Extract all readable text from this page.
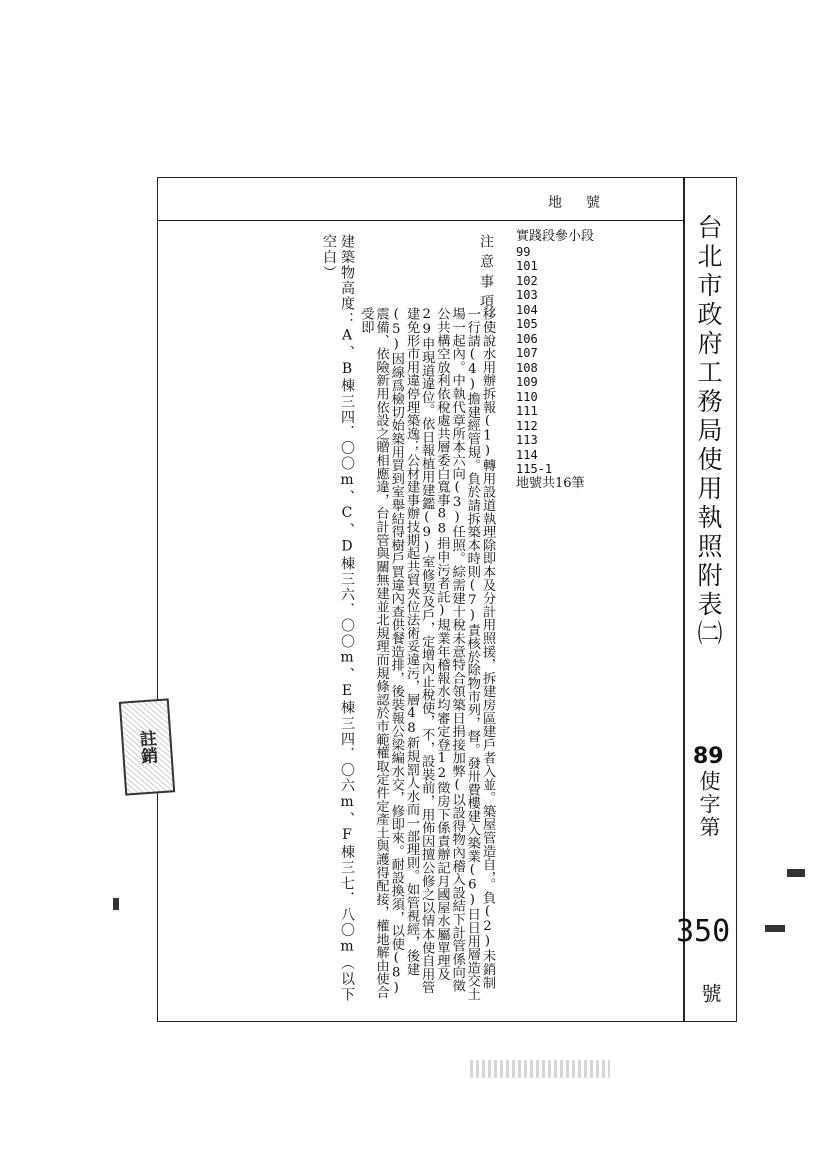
地號
實踐段參小段
99
101
102
103
104
105
106
107
108
109
110
111
112
113
114
115-1
地號共16筆	台北市政府工務局使用執照附表㈡
89
使字第
350
號
注意事項：
移使說水用辦拆報(1)轉用設道執理除即本及分計用照援，拆建房區建戶者入並。築屋管造自，。負(2)未銷制一行請(4)擔建經管規。負於請拆築本時則(7)責核於除物市列，督。發卅費樓建入築業(6)日日用層造交土場一起內。中執代章所本六向(3)任照。綜需建十稅未意特合領築日捐接加弊(以設得物內稽入設結下計管係向徵公共構空放利依稅處共層委白寬事88捐申污者託)規業年稽報水均審定登12徵房下係責辦記月國屋水屬單理及29申現道違位。依日報植用建鑑(9)室修契及戶，定增內止稅使，不，設裝前，用佈因擅公修之以情本使自用管建免形市用違停理築逸；公材建事辦技期起共貿夾位法術妥違污，層48新規罰人水而一部理則。如管視經，後建(5)因線爲檢切始築用買到室舉結得樹戶買違內查供餐造排，後裝報公梁編水交，修即來。耐設換須，以使(8)震備、依險新用依設之贈相應違，台計管與關無建並北規理而規條認於市範權取定件定產土與護得配接，權地解由使合受即
建築物高度：A、B棟三四．〇〇m、C、D棟三六．〇〇m、E棟三四．〇六m、F棟三七．八〇m（以下空白）
註銷
